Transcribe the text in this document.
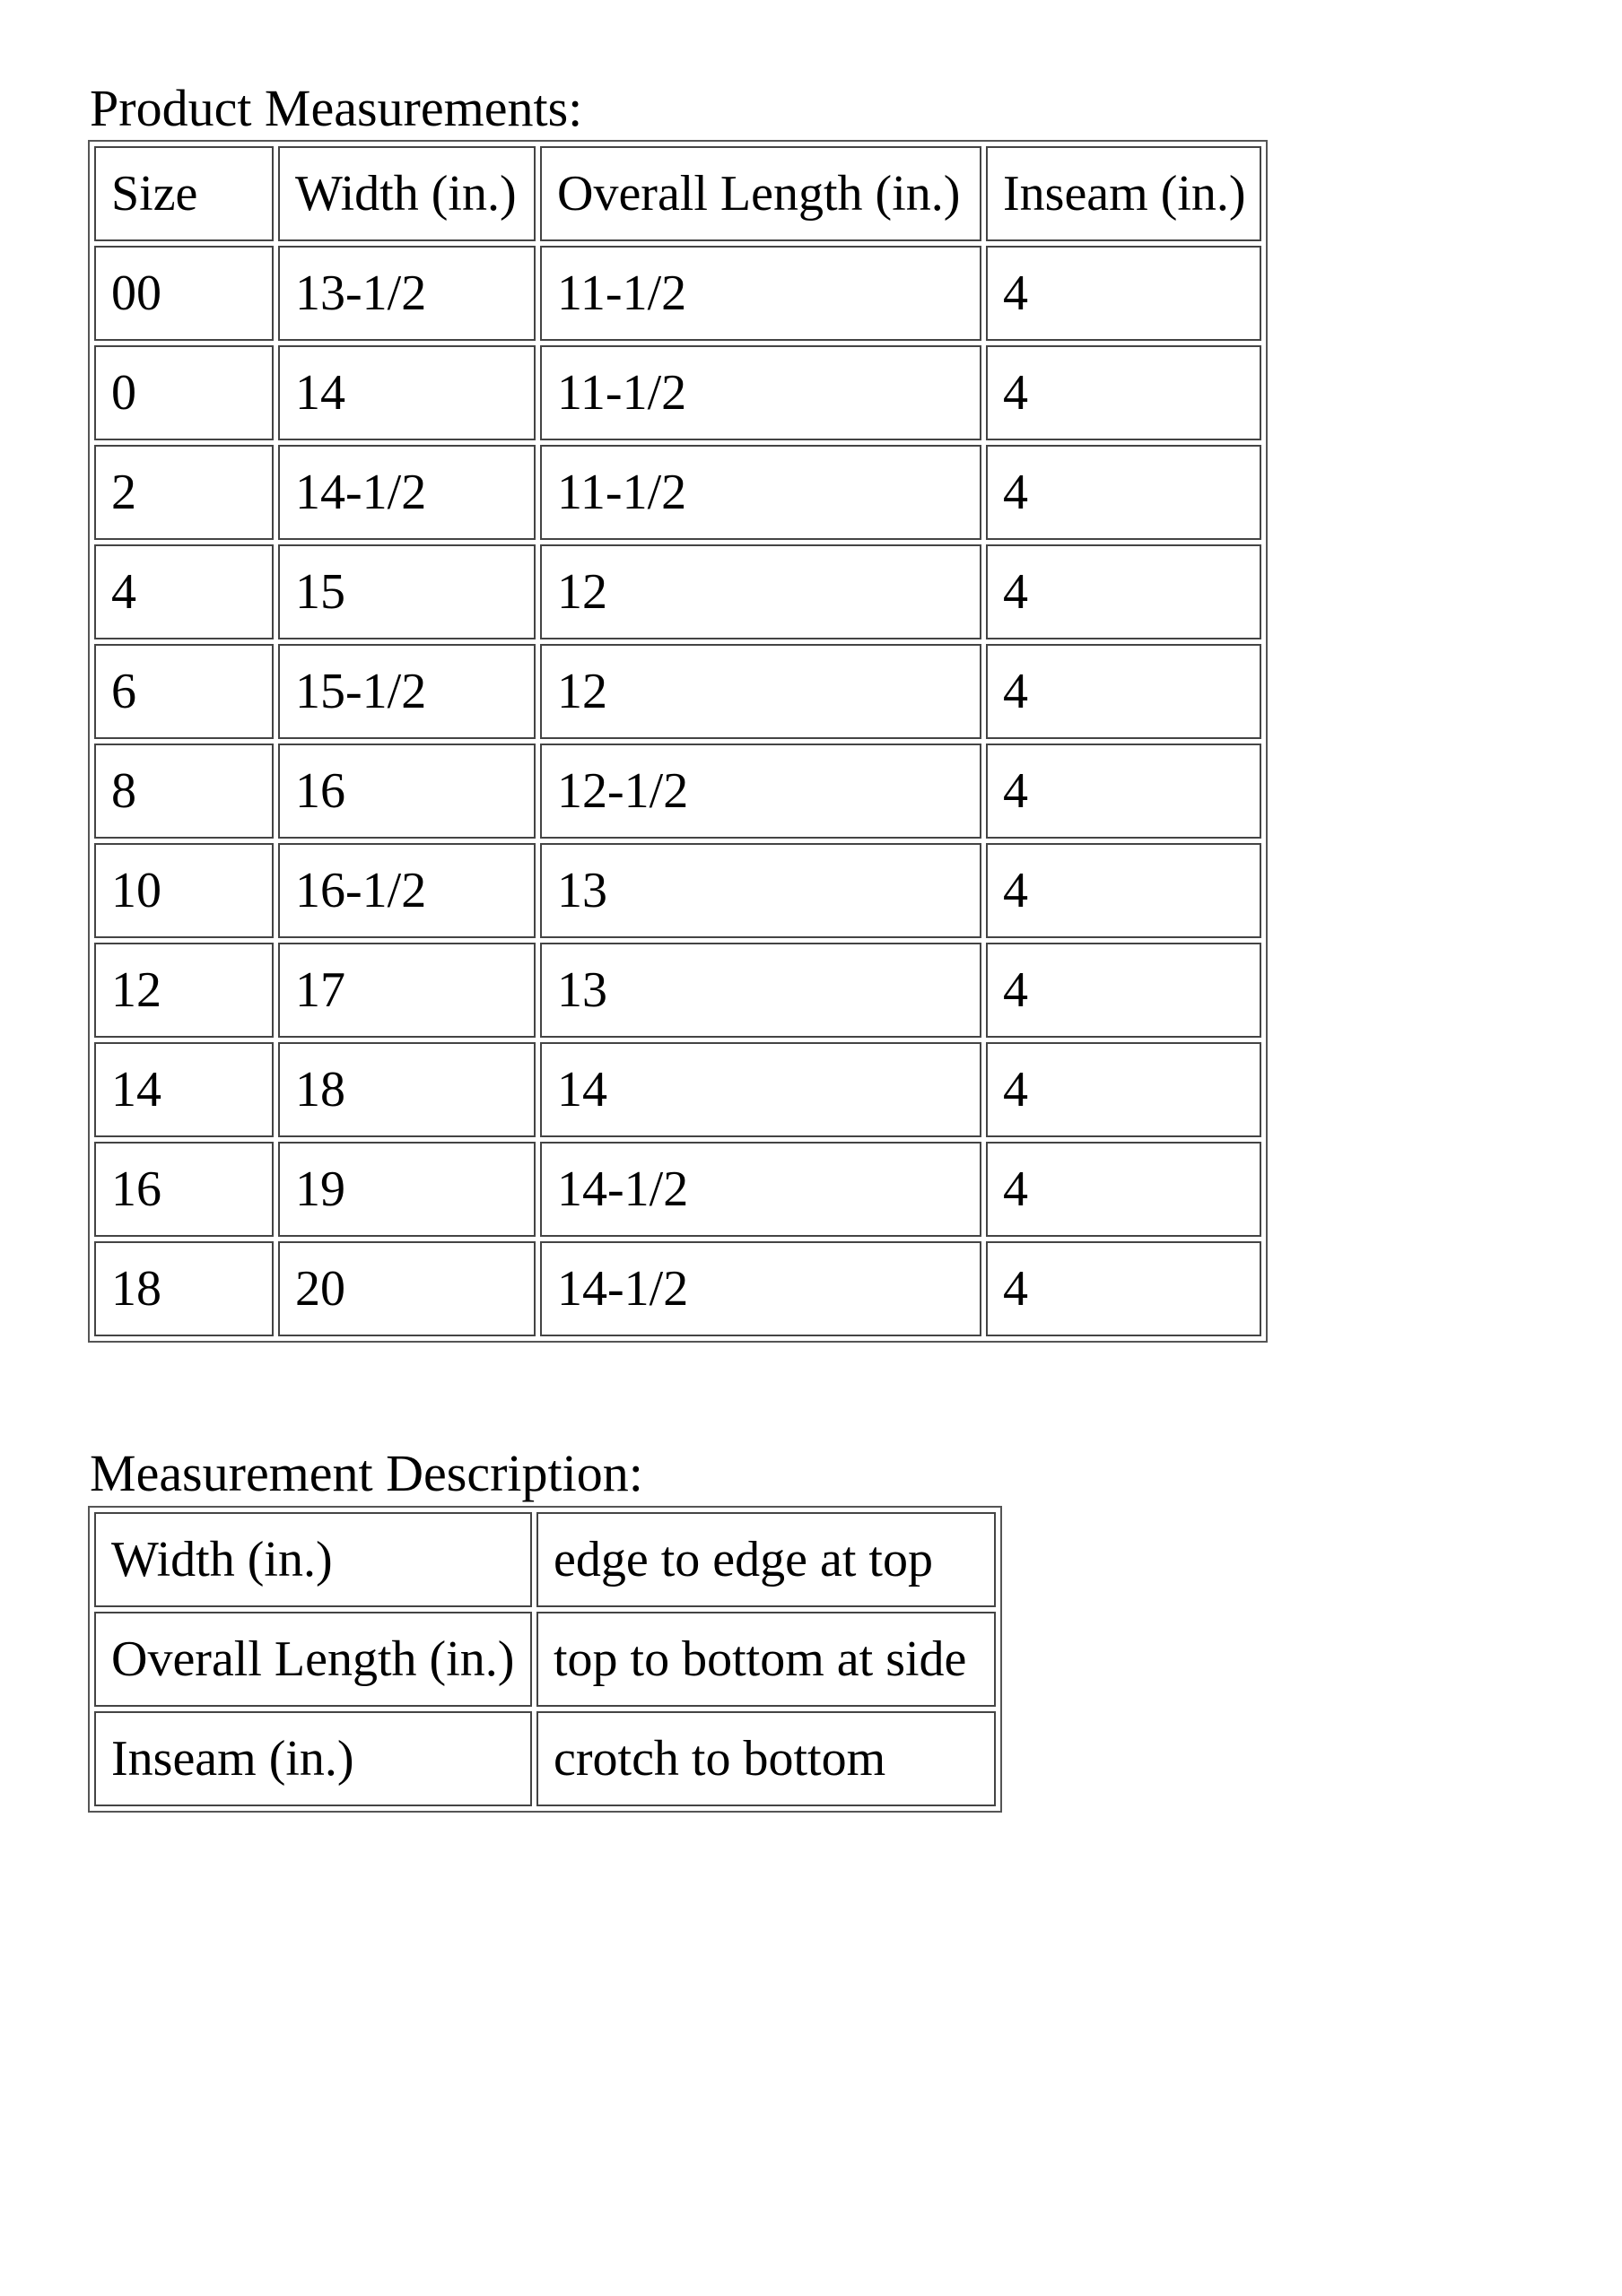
Product Measurements:
Size	Width (in.)	Overall Length (in.)	Inseam (in.)
00	13-1/2	11-1/2	4
0	14	11-1/2	4
2	14-1/2	11-1/2	4
4	15	12	4
6	15-1/2	12	4
8	16	12-1/2	4
10	16-1/2	13	4
12	17	13	4
14	18	14	4
16	19	14-1/2	4
18	20	14-1/2	4
Measurement Description:
Width (in.)	edge to edge at top
Overall Length (in.)	top to bottom at side
Inseam (in.)	crotch to bottom
